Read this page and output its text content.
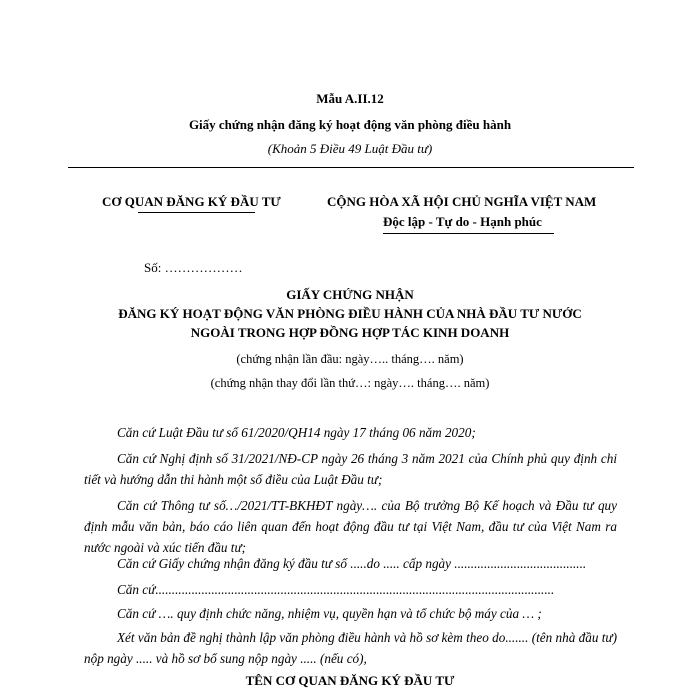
Mẫu A.II.12
Giấy chứng nhận đăng ký hoạt động văn phòng điều hành
(Khoản 5 Điều 49 Luật Đầu tư)
CƠ QUAN ĐĂNG KÝ ĐẦU TƯ	CỘNG HÒA XÃ HỘI CHỦ NGHĨA VIỆT NAM
Độc lập - Tự do - Hạnh phúc
Số: ………………
GIẤY CHỨNG NHẬN
ĐĂNG KÝ HOẠT ĐỘNG VĂN PHÒNG ĐIỀU HÀNH CỦA NHÀ ĐẦU TƯ NƯỚC
NGOÀI TRONG HỢP ĐỒNG HỢP TÁC KINH DOANH
(chứng nhận lần đầu: ngày….. tháng…. năm)
(chứng nhận thay đổi lần thứ…: ngày…. tháng…. năm)
Căn cứ Luật Đầu tư số 61/2020/QH14 ngày 17 tháng 06 năm 2020;
Căn cứ Nghị định số 31/2021/NĐ-CP ngày 26 tháng 3 năm 2021 của Chính phủ quy định chi tiết và hướng dẫn thi hành một số điều của Luật Đầu tư;
Căn cứ Thông tư số…/2021/TT-BKHĐT ngày…. của Bộ trưởng Bộ Kế hoạch và Đầu tư quy định mẫu văn bản, báo cáo liên quan đến hoạt động đầu tư tại Việt Nam, đầu tư của Việt Nam ra nước ngoài và xúc tiến đầu tư;
Căn cứ Giấy chứng nhận đăng ký đầu tư số .....do ..... cấp ngày ........................................
Căn cứ.........................................................................................................................
Căn cứ …. quy định chức năng, nhiệm vụ, quyền hạn và tổ chức bộ máy của … ;
Xét văn bản đề nghị thành lập văn phòng điều hành và hồ sơ kèm theo do....... (tên nhà đầu tư) nộp ngày ..... và hồ sơ bổ sung nộp ngày ..... (nếu có),
TÊN CƠ QUAN ĐĂNG KÝ ĐẦU TƯ
